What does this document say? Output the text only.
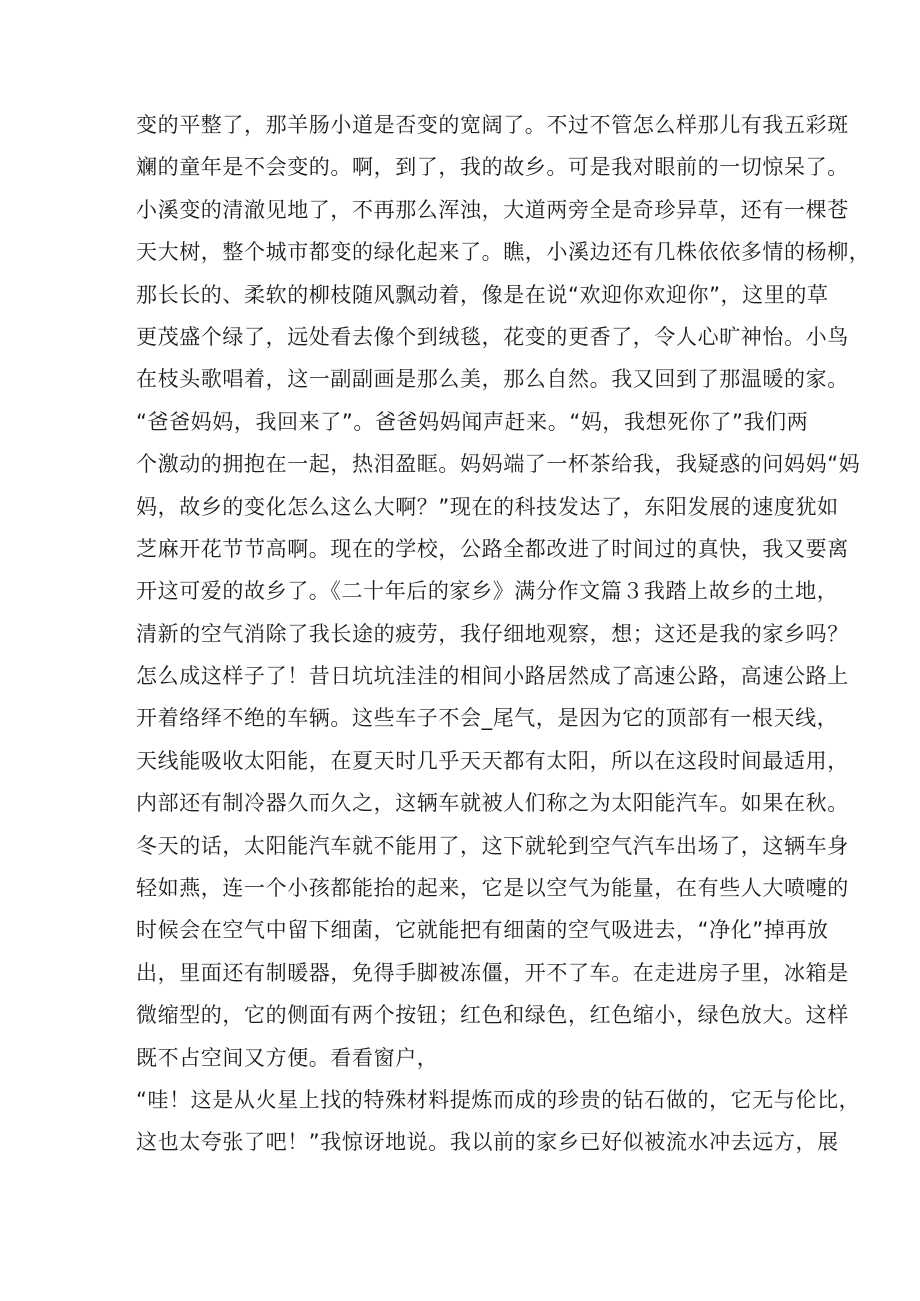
变的平整了，那羊肠小道是否变的宽阔了。不过不管怎么样那儿有我五彩斑
斓的童年是不会变的。啊，到了，我的故乡。可是我对眼前的一切惊呆了。
小溪变的清澈见地了，不再那么浑浊，大道两旁全是奇珍异草，还有一棵苍
天大树，整个城市都变的绿化起来了。瞧，小溪边还有几株依依多情的杨柳，
那长长的、柔软的柳枝随风飘动着，像是在说“欢迎你欢迎你”，这里的草
更茂盛个绿了，远处看去像个到绒毯，花变的更香了，令人心旷神怡。小鸟
在枝头歌唱着，这一副副画是那么美，那么自然。我又回到了那温暖的家。
“爸爸妈妈，我回来了”。爸爸妈妈闻声赶来。“妈，我想死你了”我们两
个激动的拥抱在一起，热泪盈眶。妈妈端了一杯茶给我，我疑惑的问妈妈“妈
妈，故乡的变化怎么这么大啊？”现在的科技发达了，东阳发展的速度犹如
芝麻开花节节高啊。现在的学校，公路全都改进了时间过的真快，我又要离
开这可爱的故乡了。《二十年后的家乡》满分作文篇３我踏上故乡的土地，
清新的空气消除了我长途的疲劳，我仔细地观察，想；这还是我的家乡吗？
怎么成这样子了！昔日坑坑洼洼的相间小路居然成了高速公路，高速公路上
开着络绎不绝的车辆。这些车子不会_尾气，是因为它的顶部有一根天线，
天线能吸收太阳能，在夏天时几乎天天都有太阳，所以在这段时间最适用，
内部还有制冷器久而久之，这辆车就被人们称之为太阳能汽车。如果在秋。
冬天的话，太阳能汽车就不能用了，这下就轮到空气汽车出场了，这辆车身
轻如燕，连一个小孩都能抬的起来，它是以空气为能量，在有些人大喷嚏的
时候会在空气中留下细菌，它就能把有细菌的空气吸进去，“净化”掉再放
出，里面还有制暖器，免得手脚被冻僵，开不了车。在走进房子里，冰箱是
微缩型的，它的侧面有两个按钮；红色和绿色，红色缩小，绿色放大。这样
既不占空间又方便。看看窗户，
“哇！这是从火星上找的特殊材料提炼而成的珍贵的钻石做的，它无与伦比，
这也太夸张了吧！”我惊讶地说。我以前的家乡已好似被流水冲去远方，展
